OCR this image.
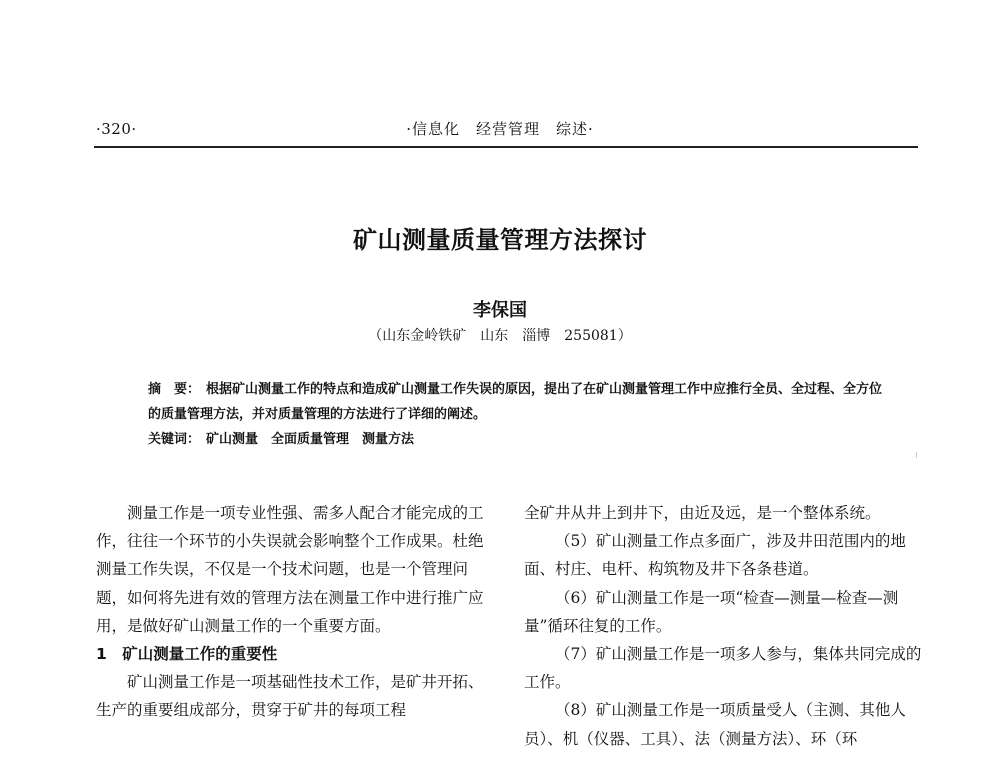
·320·	·信息化　经营管理　综述·
矿山测量质量管理方法探讨
李保国
（山东金岭铁矿　山东　淄博　255081）

摘　要： 根据矿山测量工作的特点和造成矿山测量工作失误的原因，提出了在矿山测量管理工作中应推行全员、全过程、全方位的质量管理方法，并对质量管理的方法进行了详细的阐述。

关键词： 矿山测量　全面质量管理　测量方法

测量工作是一项专业性强、需多人配合才能完成的工作，往往一个环节的小失误就会影响整个工作成果。杜绝测量工作失误，不仅是一个技术问题，也是一个管理问题，如何将先进有效的管理方法在测量工作中进行推广应用，是做好矿山测量工作的一个重要方面。

1　矿山测量工作的重要性

矿山测量工作是一项基础性技术工作，是矿井开拓、生产的重要组成部分，贯穿于矿井的每项工程

全矿井从井上到井下，由近及远，是一个整体系统。

（5）矿山测量工作点多面广，涉及井田范围内的地面、村庄、电杆、构筑物及井下各条巷道。

（6）矿山测量工作是一项“检查—测量—检查—测量”循环往复的工作。

（7）矿山测量工作是一项多人参与，集体共同完成的工作。

（8）矿山测量工作是一项质量受人（主测、其他人员）、机（仪器、工具）、法（测量方法）、环（环
